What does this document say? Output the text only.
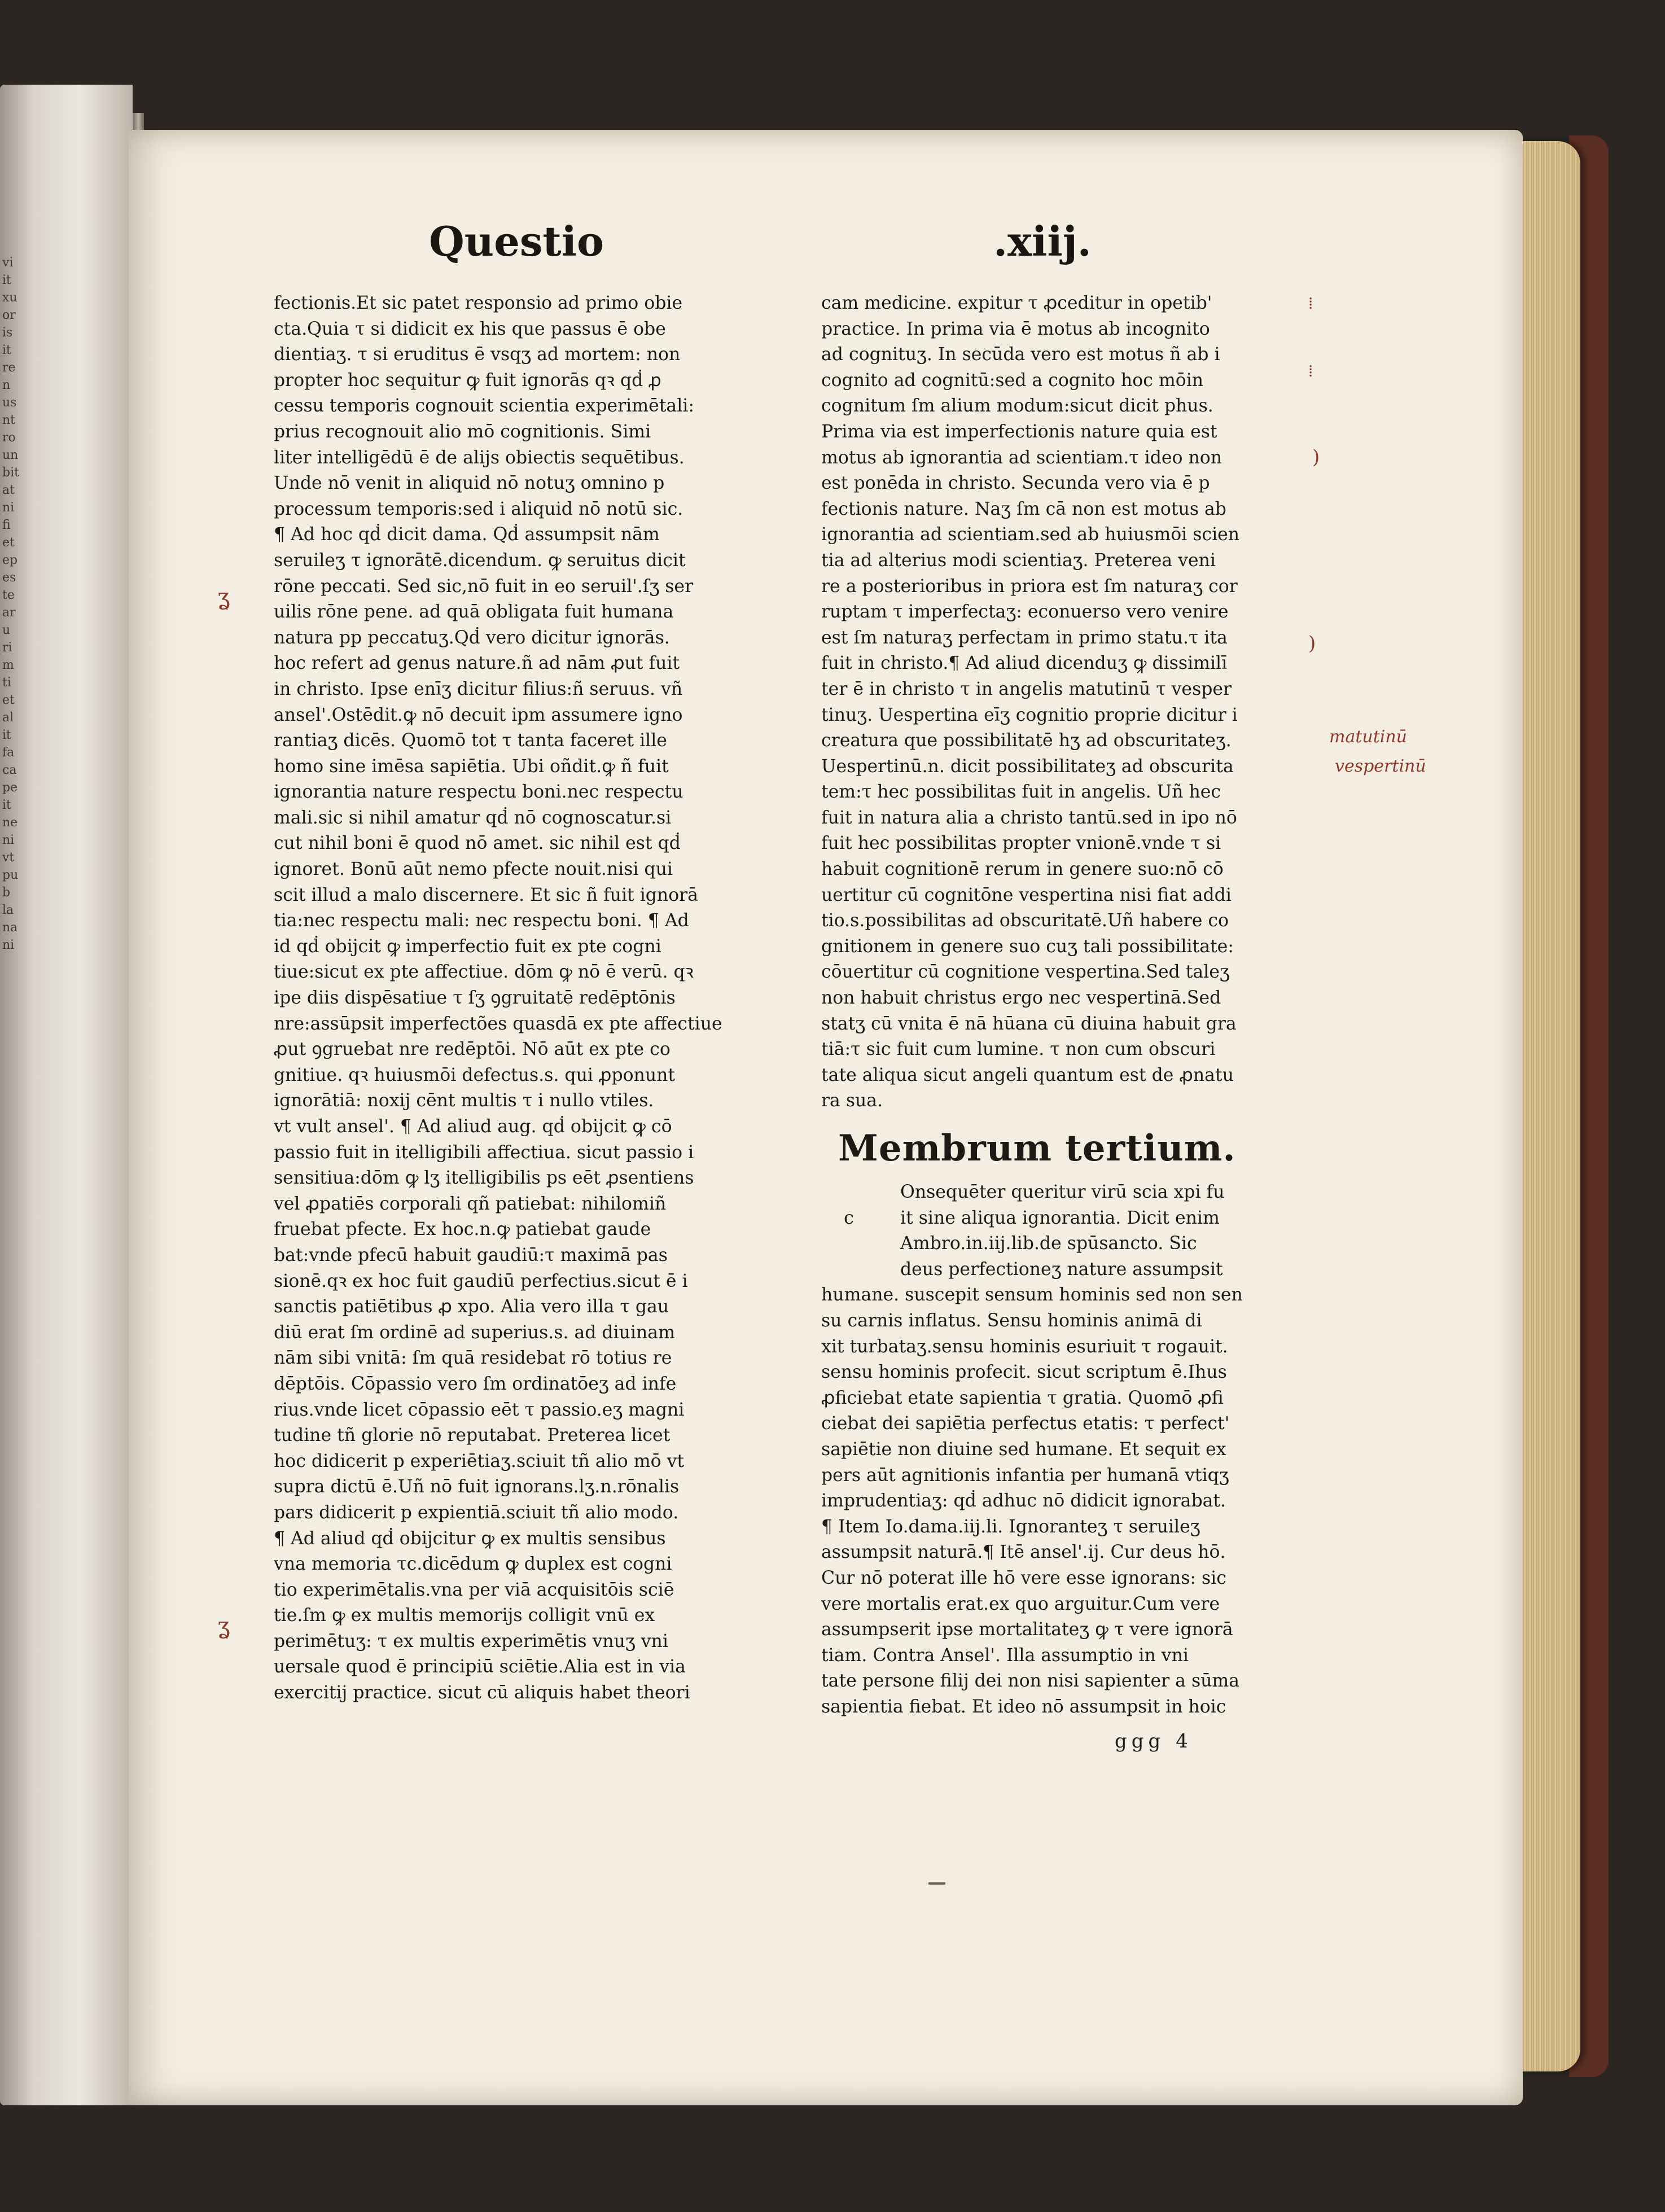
vi
it
xu
or
is
it
re
n
us
nt
ro
un
bit
at
ni
fi
et
ep
es
te
ar
u
ri
m
ti
et
al
it
fa
ca
pe
it
ne
ni
vt
pu
b
la
na
ni
Questio	.xiij.
fectionis.Et sic patet responsio ad primo obie
cta.Quia τ si didicit ex his que passus ē obe
dientiaʒ. τ si eruditus ē vsqʒ ad mortem: non
propter hoc sequitur ꝙ fuit ignorās qꝛ qḋ ꝓ
cessu temporis cognouit scientia experimētali:
prius recognouit alio mō cognitionis. Simi
liter intelligēdū ē de alijs obiectis sequētibus.
Unde nō venit in aliquid nō notuʒ omnino p
processum temporis:sed i aliquid nō notū sic.
¶ Ad hoc qḋ dicit dama. Qḋ assumpsit nām
seruileʒ τ ignorātē.dicendum. ꝙ seruitus dicit
rōne peccati. Sed sic,nō fuit in eo seruil'.ſʒ ser
uilis rōne pene. ad quā obligata fuit humana
natura pp peccatuʒ.Qḋ vero dicitur ignorās.
hoc refert ad genus nature.ñ ad nām ꝓut fuit
in christo. Ipse enīʒ dicitur filius:ñ seruus. vñ
ansel'.Ostēdit.ꝙ nō decuit ipm assumere igno
rantiaʒ dicēs. Quomō tot τ tanta faceret ille
homo sine imēsa sapiētia. Ubi oñdit.ꝙ ñ fuit
ignorantia nature respectu boni.nec respectu
mali.sic si nihil amatur qḋ nō cognoscatur.si
cut nihil boni ē quod nō amet. sic nihil est qḋ
ignoret. Bonū aūt nemo pfecte nouit.nisi qui
scit illud a malo discernere. Et sic ñ fuit ignorā
tia:nec respectu mali: nec respectu boni. ¶ Ad
id qḋ obijcit ꝙ imperfectio fuit ex pte cogni
tiue:sicut ex pte affectiue. dōm ꝙ nō ē verū. qꝛ
ipe diis dispēsatiue τ ſʒ ꝯgruitatē redēptōnis
nre:assūpsit imperfectões quasdā ex pte affectiue
ꝓut ꝯgruebat nre redēptōi. Nō aūt ex pte co
gnitiue. qꝛ huiusmōi defectus.s. qui ꝓponunt
ignorātiā: noxij cēnt multis τ i nullo vtiles.
vt vult ansel'. ¶ Ad aliud aug. qḋ obijcit ꝙ cō
passio fuit in itelligibili affectiua. sicut passio i
sensitiua:dōm ꝙ lʒ itelligibilis ps eēt ꝓsentiens
vel ꝓpatiēs corporali qñ patiebat: nihilomiñ
fruebat pfecte. Ex hoc.n.ꝙ patiebat gaude
bat:vnde pfecū habuit gaudiū:τ maximā pas
sionē.qꝛ ex hoc fuit gaudiū perfectius.sicut ē i
sanctis patiētibus ꝓ xpo. Alia vero illa τ gau
diū erat ſm ordinē ad superius.s. ad diuinam
nām sibi vnitā: ſm quā residebat rō totius re
dēptōis. Cōpassio vero ſm ordinatōeʒ ad infe
rius.vnde licet cōpassio eēt τ passio.eʒ magni
tudine tñ glorie nō reputabat. Preterea licet
hoc didicerit p experiētiaʒ.sciuit tñ alio mō vt
supra dictū ē.Uñ nō fuit ignorans.lʒ.n.rōnalis
pars didicerit p expientiā.sciuit tñ alio modo.
¶ Ad aliud qḋ obijcitur ꝙ ex multis sensibus
vna memoria τc.dicēdum ꝙ duplex est cogni
tio experimētalis.vna per viā acquisitōis sciē
tie.ſm ꝙ ex multis memorijs colligit vnū ex
perimētuʒ: τ ex multis experimētis vnuʒ vni
uersale quod ē principiū sciētie.Alia est in via
exercitij practice. sicut cū aliquis habet theori
cam medicine. expitur τ ꝓceditur in opetib'
practice. In prima via ē motus ab incognito
ad cognituʒ. In secūda vero est motus ñ ab i
cognito ad cognitū:sed a cognito hoc mōin
cognitum ſm alium modum:sicut dicit phus.
Prima via est imperfectionis nature quia est
motus ab ignorantia ad scientiam.τ ideo non
est ponēda in christo. Secunda vero via ē p
fectionis nature. Naʒ ſm cā non est motus ab
ignorantia ad scientiam.sed ab huiusmōi scien
tia ad alterius modi scientiaʒ. Preterea veni
re a posterioribus in priora est ſm naturaʒ cor
ruptam τ imperfectaʒ: econuerso vero venire
est ſm naturaʒ perfectam in primo statu.τ ita
fuit in christo.¶ Ad aliud dicenduʒ ꝙ dissimilī
ter ē in christo τ in angelis matutinū τ vesper
tinuʒ. Uespertina eīʒ cognitio proprie dicitur i
creatura que possibilitatē hʒ ad obscuritateʒ.
Uespertinū.n. dicit possibilitateʒ ad obscurita
tem:τ hec possibilitas fuit in angelis. Uñ hec
fuit in natura alia a christo tantū.sed in ipo nō
fuit hec possibilitas propter vnionē.vnde τ si
habuit cognitionē rerum in genere suo:nō cō
uertitur cū cognitōne vespertina nisi fiat addi
tio.s.possibilitas ad obscuritatē.Uñ habere co
gnitionem in genere suo cuʒ tali possibilitate:
cōuertitur cū cognitione vespertina.Sed taleʒ
non habuit christus ergo nec vespertinā.Sed
statʒ cū vnita ē nā hūana cū diuina habuit gra
tiā:τ sic fuit cum lumine. τ non cum obscuri
tate aliqua sicut angeli quantum est de ꝓnatu
ra sua.
Membrum tertium.
Onsequēter queritur virū scia xpi fu
it sine aliqua ignorantia. Dicit enim
Ambro.in.iij.lib.de spūsancto. Sic
deus perfectioneʒ nature assumpsit
humane. suscepit sensum hominis sed non sen
su carnis inflatus. Sensu hominis animā di
xit turbataʒ.sensu hominis esuriuit τ rogauit.
sensu hominis profecit. sicut scriptum ē.Ihus
ꝓficiebat etate sapientia τ gratia. Quomō ꝓfi
ciebat dei sapiētia perfectus etatis: τ perfect'
sapiētie non diuine sed humane. Et sequit ex
pers aūt agnitionis infantia per humanā vtiqʒ
imprudentiaʒ: qḋ adhuc nō didicit ignorabat.
¶ Item Io.dama.iij.li. Ignoranteʒ τ seruileʒ
assumpsit naturā.¶ Itē ansel'.ij. Cur deus hō.
Cur nō poterat ille hō vere esse ignorans: sic
vere mortalis erat.ex quo arguitur.Cum vere
assumpserit ipse mortalitateʒ ꝙ τ vere ignorā
tiam. Contra Ansel'. Illa assumptio in vni
tate persone filij dei non nisi sapienter a sūma
sapientia fiebat. Et ideo nō assumpsit in hoic
c
ggg 4
matutinū
vespertinū
ʓ
ʓ
⁞
⁞
)
)
